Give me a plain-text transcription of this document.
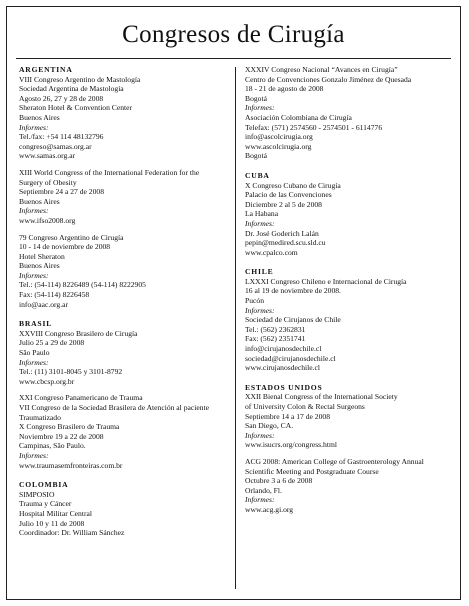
Congresos de Cirugía
ARGENTINA
VIII Congreso Argentino de Mastología
Sociedad Argentina de Mastología
Agosto 26, 27 y 28 de 2008
Sheraton Hotel & Convention Center
Buenos Aires
Informes:
Tel./fax: +54 114 48132796
congreso@samas.org.ar
www.samas.org.ar
XIII World Congress of the International Federation for the
Surgery of Obesity
Septiembre 24 a 27 de 2008
Buenos Aires
Informes:
www.ifso2008.org
79 Congreso Argentino de Cirugía
10 - 14 de noviembre de 2008
Hotel Sheraton
Buenos Aires
Informes:
Tel.: (54-114) 8226489 (54-114) 8222905
Fax: (54-114) 8226458
info@aac.org.ar
BRASIL
XXVIII Congreso Brasilero de Cirugía
Julio 25 a 29 de 2008
São Paulo
Informes:
Tel.: (11) 3101-8045 y 3101-8792
www.cbcsp.org.br
XXI Congreso Panamericano de Trauma
VII Congreso de la Sociedad Brasilera de Atención al paciente
Traumatizado
X Congreso Brasilero de Trauma
Noviembre 19 a 22 de 2008
Campinas, São Paulo.
Informes:
www.traumasemfronteiras.com.br
COLOMBIA
SIMPOSIO
Trauma y Cáncer
Hospital Militar Central
Julio 10 y 11 de 2008
Coordinador: Dr. William Sánchez
XXXIV Congreso Nacional “Avances en Cirugía”
Centro de Convenciones Gonzalo Jiménez de Quesada
18 - 21 de agosto de 2008
Bogotá
Informes:
Asociación Colombiana de Cirugía
Telefax: (571) 2574560 - 2574501 - 6114776
info@ascolcirugia.org
www.ascolcirugia.org
Bogotá
CUBA
X Congreso Cubano de Cirugía
Palacio de las Convenciones
Diciembre 2 al 5 de 2008
La Habana
Informes:
Dr. José Goderich Lalán
pepin@medired.scu.sld.cu
www.cpalco.com
CHILE
LXXXI Congreso Chileno e Internacional de Cirugía
16 al 19 de noviembre de 2008.
Pucón
Informes:
Sociedad de Cirujanos de Chile
Tel.: (562) 2362831
Fax: (562) 2351741
info@cirujanosdechile.cl
sociedad@cirujanosdechile.cl
www.cirujanosdechile.cl
ESTADOS UNIDOS
XXII Bienal Congress of the International Society
of University Colon & Rectal Surgeons
Septiembre 14 a 17 de 2008
San Diego, CA.
Informes:
www.isucrs.org/congress.html
ACG 2008: American College of Gastroenterology Annual
Scientific Meeting and Postgraduate Course
Octubre 3 a 6 de 2008
Orlando, Fl.
Informes:
www.acg.gi.org
